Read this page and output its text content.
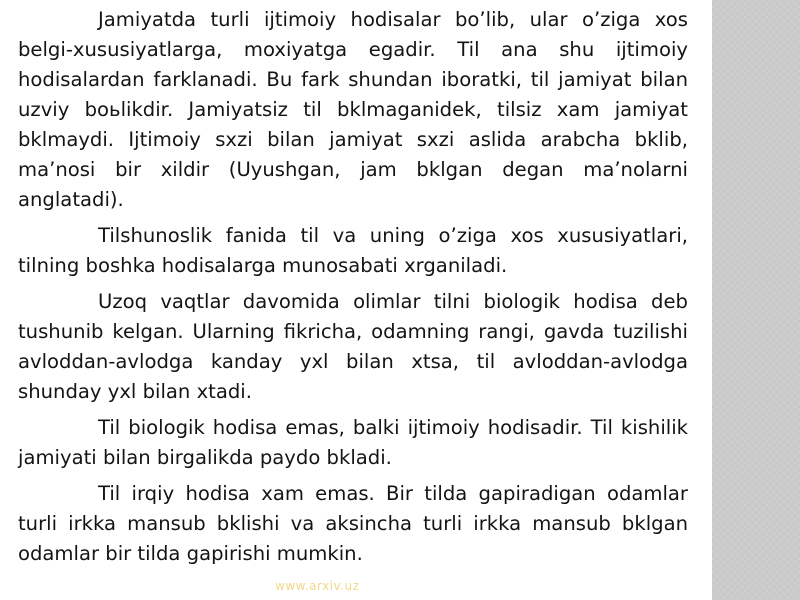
Jamiyatda turli ijtimoiy hodisalar bo’lib, ular o’ziga xos belgi-xususiyatlarga, moxiyatga egadir. Til ana shu ijtimoiy hodisalardan farklanadi. Bu fark shundan iboratki, til jamiyat bilan uzviy boьlikdir. Jamiyatsiz til bklmaganidek, tilsiz xam jamiyat bklmaydi. Ijtimoiy sxzi bilan jamiyat sxzi aslida arabcha bklib, ma’nosi bir xildir (Uyushgan, jam bklgan degan ma’nolarni anglatadi).

Tilshunoslik fanida til va uning o’ziga xos xususiyatlari, tilning boshka hodisalarga munosabati xrganiladi.

Uzoq vaqtlar davomida olimlar tilni biologik hodisa deb tushunib kelgan. Ularning fikricha, odamning rangi, gavda tuzilishi avloddan-avlodga kanday yxl bilan xtsa, til avloddan-avlodga shunday yxl bilan xtadi.

Til biologik hodisa emas, balki ijtimoiy hodisadir. Til kishilik jamiyati bilan birgalikda paydo bkladi.

Til irqiy hodisa xam emas. Bir tilda gapiradigan odamlar turli irkka mansub bklishi va aksincha turli irkka mansub bklgan odamlar bir tilda gapirishi mumkin.

www.arxiv.uz
